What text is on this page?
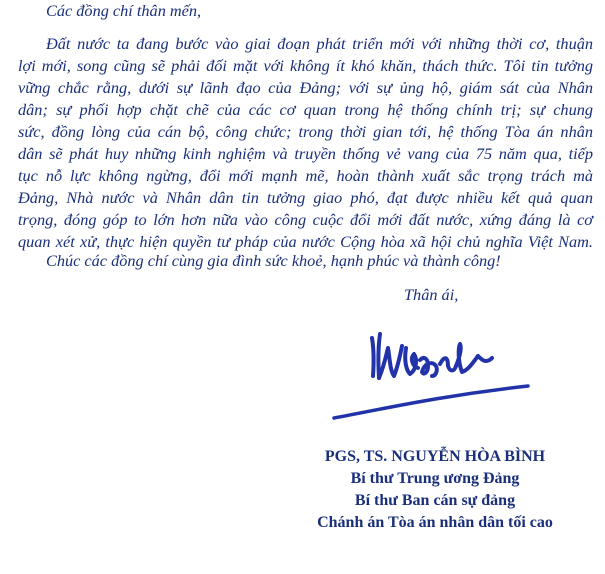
Các đồng chí thân mến,
Đất nước ta đang bước vào giai đoạn phát triển mới với những thời cơ, thuận
lợi mới, song cũng sẽ phải đối mặt với không ít khó khăn, thách thức. Tôi tin tưởng
vững chắc rằng, dưới sự lãnh đạo của Đảng; với sự ủng hộ, giám sát của Nhân
dân; sự phối hợp chặt chẽ của các cơ quan trong hệ thống chính trị; sự chung
sức, đồng lòng của cán bộ, công chức; trong thời gian tới, hệ thống Tòa án nhân
dân sẽ phát huy những kinh nghiệm và truyền thống vẻ vang của 75 năm qua, tiếp
tục nỗ lực không ngừng, đổi mới mạnh mẽ, hoàn thành xuất sắc trọng trách mà
Đảng, Nhà nước và Nhân dân tin tưởng giao phó, đạt được nhiều kết quả quan
trọng, đóng góp to lớn hơn nữa vào công cuộc đổi mới đất nước, xứng đáng là cơ
quan xét xử, thực hiện quyền tư pháp của nước Cộng hòa xã hội chủ nghĩa Việt Nam.
Chúc các đồng chí cùng gia đình sức khoẻ, hạnh phúc và thành công!
Thân ái,
PGS, TS. NGUYỄN HÒA BÌNH
Bí thư Trung ương Đảng
Bí thư Ban cán sự đảng
Chánh án Tòa án nhân dân tối cao
